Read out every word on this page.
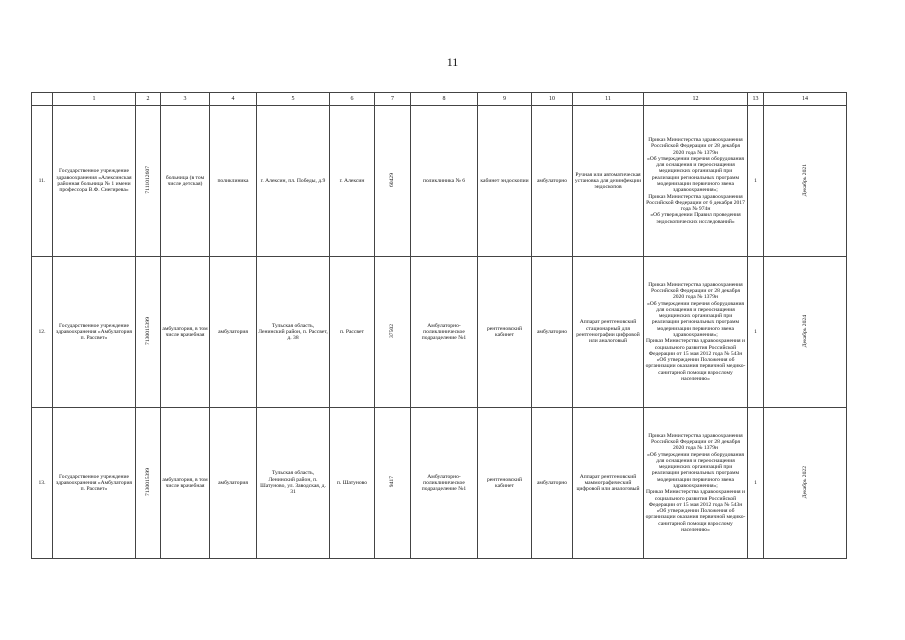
11
	1	2	3	4	5	6	7	8	9	10	11	12	13	14
11.	Государственное учреждение здравоохранения «Алексинская районная больница № 1 имени профессора В.Ф. Снегирева»	7111012607	больница (в том числе детская)	поликлиника	г. Алексин, пл. Победы, д.9	г. Алексин	60429	поликлиника № 6	кабинет эндоскопии	амбулаторно	Ручная или автоматическая установка для дезинфекции эндоскопов	Приказ Министерства здравоохранения Российской Федерации от 28 декабря 2020 года № 1379н
«Об утверждении перечня оборудования для оснащения и переоснащения медицинских организаций при реализации региональных программ модернизации первичного звена здравоохранения»;
Приказ Министерства здравоохранения Российской Федерации от 6 декабря 2017 года № 974н
«Об утверждении Правил проведения эндоскопических исследований»	1	Декабрь 2021
12.	Государственное учреждение здравоохранения «Амбулатория п. Рассвет»	7130015399	амбулатория, в том числе врачебная	амбулатория	Тульская область, Ленинский район, п. Рассвет, д. 38	п. Рассвет	37502	Амбулаторно-поликлиническое подразделение №1	рентгеновский кабинет	амбулаторно	Аппарат рентгеновский стационарный для рентгенографии цифровой или аналоговый	Приказ Министерства здравоохранения Российской Федерации от 28 декабря 2020 года № 1379н
«Об утверждении перечня оборудования для оснащения и переоснащения медицинских организаций при реализации региональных программ модернизации первичного звена здравоохранения»;
Приказ Министерства здравоохранения и социального развития Российской Федерации от 15 мая 2012 года № 543н
«Об утверждении Положения об организации оказания первичной медико-санитарной помощи взрослому населению»	1	Декабрь 2024
13.	Государственное учреждение здравоохранения «Амбулатория п. Рассвет»	7130015399	амбулатория, в том числе врачебная	амбулатория	Тульская область, Ленинский район, п. Шатуново, ул. Заводская, д. 31	п. Шатуново	9417	Амбулаторно-поликлиническое подразделение №1	рентгеновский кабинет	амбулаторно	Аппарат рентгеновский маммографический цифровой или аналоговый	Приказ Министерства здравоохранения Российской Федерации от 28 декабря 2020 года № 1379н
«Об утверждении перечня оборудования для оснащения и переоснащения медицинских организаций при реализации региональных программ модернизации первичного звена здравоохранения»;
Приказ Министерства здравоохранения и социального развития Российской Федерации от 15 мая 2012 года № 543н
«Об утверждении Положения об организации оказания первичной медико-санитарной помощи взрослому населению»	1	Декабрь 2022
